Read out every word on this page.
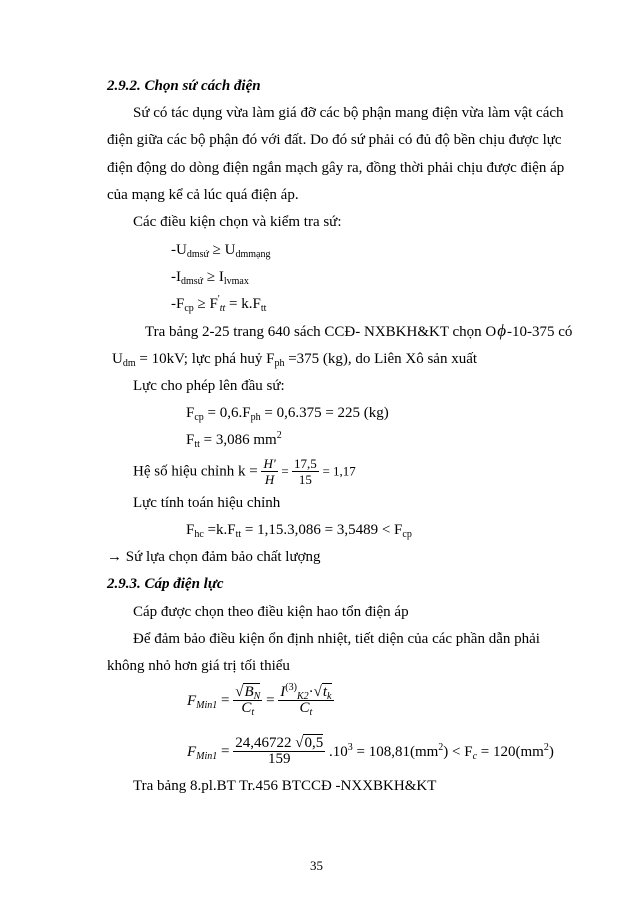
2.9.2. Chọn sứ cách điện
Sứ có tác dụng vừa làm giá đỡ các bộ phận mang điện vừa làm vật cách
điện giữa các bộ phận đó với đất. Do đó sứ phải có đủ độ bền chịu được lực
điện động do dòng điện ngắn mạch gây ra, đồng thời phải chịu được điện áp
của mạng kể cả lúc quá điện áp.
Các điều kiện chọn và kiểm tra sứ:
$-U_{dmsứ} \ge U_{dmmạng}$
$-I_{dmsứ} \ge I_{lvmax}$
$-F_{cp} \ge F'_{tt} = k.F_{tt}$
Tra bảng 2-25 trang 640 sách CCĐ- NXBKH&KT chọn Oϕ-10-375 có
$U_{dm} = 10kV$; lực phá huỷ $F_{ph} =375$ (kg), do Liên Xô sản xuất
Lực cho phép lên đầu sứ:
$F_{cp} = 0,6.F_{ph} = 0,6.375 = 225$ (kg)
$F_{tt} = 3,086$ $mm^2$
Hệ số hiệu chỉnh $k = \frac{H'}{H} = \frac{17,5}{15} = 1,17$
Lực tính toán hiệu chỉnh
$F_{hc} =k.F_{tt} = 1,15.3,086 = 3,5489 < F_{cp}$
→ Sứ lựa chọn đảm bảo chất lượng
2.9.3. Cáp điện lực
Cáp được chọn theo điều kiện hao tổn điện áp
Để đảm bảo điều kiện ổn định nhiệt, tiết diện của các phần dẫn phải
không nhỏ hơn giá trị tối thiểu
$F_{Min1} = \frac{√B_N}{C_t} = \frac{I^{(3)}_{K2}\cdot√t_k}{C_t}$
$F_{Min1} = \frac{24,46722 √0,5}{159} .10^3 = 108,81(mm^2) < F_c = 120(mm^2)$
Tra bảng 8.pl.BT Tr.456 BTCCĐ -NXXBKH&KT
35
